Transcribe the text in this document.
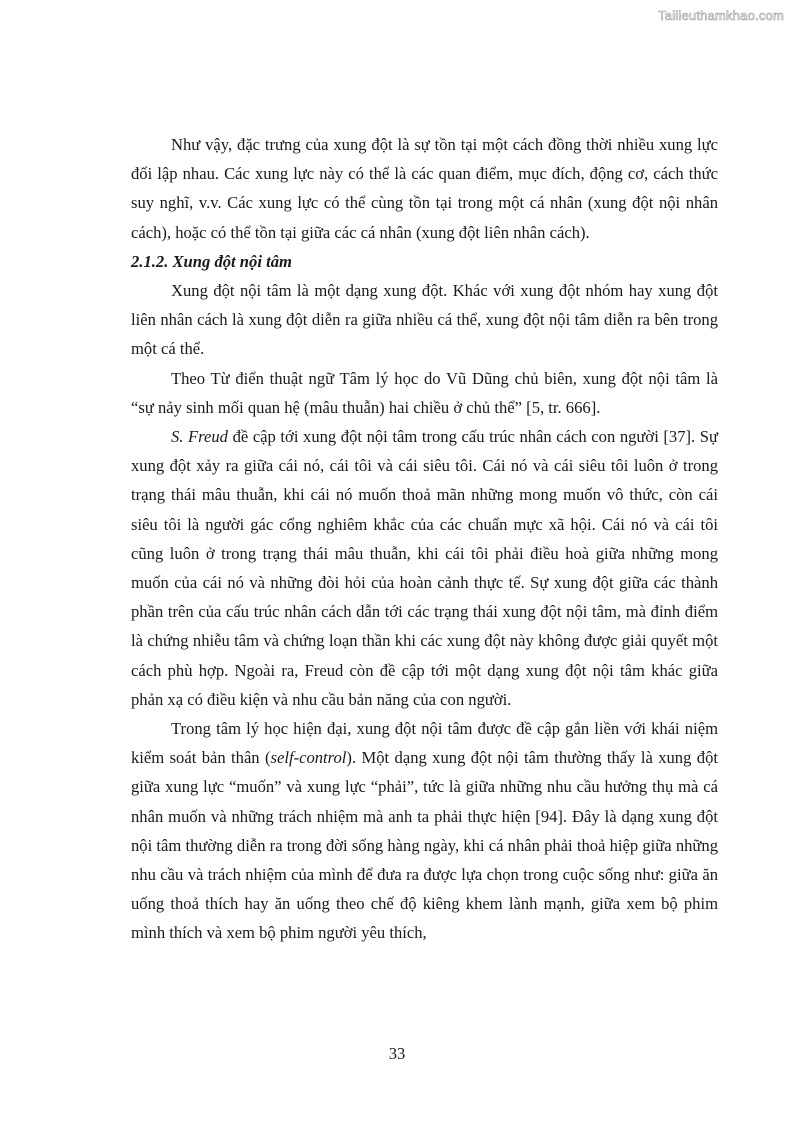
Tailieuthamkhao.com

Như vậy, đặc trưng của xung đột là sự tồn tại một cách đồng thời nhiều xung lực đối lập nhau. Các xung lực này có thể là các quan điểm, mục đích, động cơ, cách thức suy nghĩ, v.v. Các xung lực có thể cùng tồn tại trong một cá nhân (xung đột nội nhân cách), hoặc có thể tồn tại giữa các cá nhân (xung đột liên nhân cách).

2.1.2. Xung đột nội tâm

Xung đột nội tâm là một dạng xung đột. Khác với xung đột nhóm hay xung đột liên nhân cách là xung đột diễn ra giữa nhiều cá thể, xung đột nội tâm diễn ra bên trong một cá thể.

Theo Từ điển thuật ngữ Tâm lý học do Vũ Dũng chủ biên, xung đột nội tâm là “sự nảy sinh mối quan hệ (mâu thuẫn) hai chiều ở chủ thể” [5, tr. 666].

S. Freud đề cập tới xung đột nội tâm trong cấu trúc nhân cách con người [37]. Sự xung đột xảy ra giữa cái nó, cái tôi và cái siêu tôi. Cái nó và cái siêu tôi luôn ở trong trạng thái mâu thuẫn, khi cái nó muốn thoả mãn những mong muốn vô thức, còn cái siêu tôi là người gác cổng nghiêm khắc của các chuẩn mực xã hội. Cái nó và cái tôi cũng luôn ở trong trạng thái mâu thuẫn, khi cái tôi phải điều hoà giữa những mong muốn của cái nó và những đòi hỏi của hoàn cảnh thực tế. Sự xung đột giữa các thành phần trên của cấu trúc nhân cách dẫn tới các trạng thái xung đột nội tâm, mà đỉnh điểm là chứng nhiễu tâm và chứng loạn thần khi các xung đột này không được giải quyết một cách phù hợp. Ngoài ra, Freud còn đề cập tới một dạng xung đột nội tâm khác giữa phản xạ có điều kiện và nhu cầu bản năng của con người.

Trong tâm lý học hiện đại, xung đột nội tâm được đề cập gắn liền với khái niệm kiểm soát bản thân (self-control). Một dạng xung đột nội tâm thường thấy là xung đột giữa xung lực “muốn” và xung lực “phải”, tức là giữa những nhu cầu hưởng thụ mà cá nhân muốn và những trách nhiệm mà anh ta phải thực hiện [94]. Đây là dạng xung đột nội tâm thường diễn ra trong đời sống hàng ngày, khi cá nhân phải thoả hiệp giữa những nhu cầu và trách nhiệm của mình để đưa ra được lựa chọn trong cuộc sống như: giữa ăn uống thoả thích hay ăn uống theo chế độ kiêng khem lành mạnh, giữa xem bộ phim mình thích và xem bộ phim người yêu thích,

33
